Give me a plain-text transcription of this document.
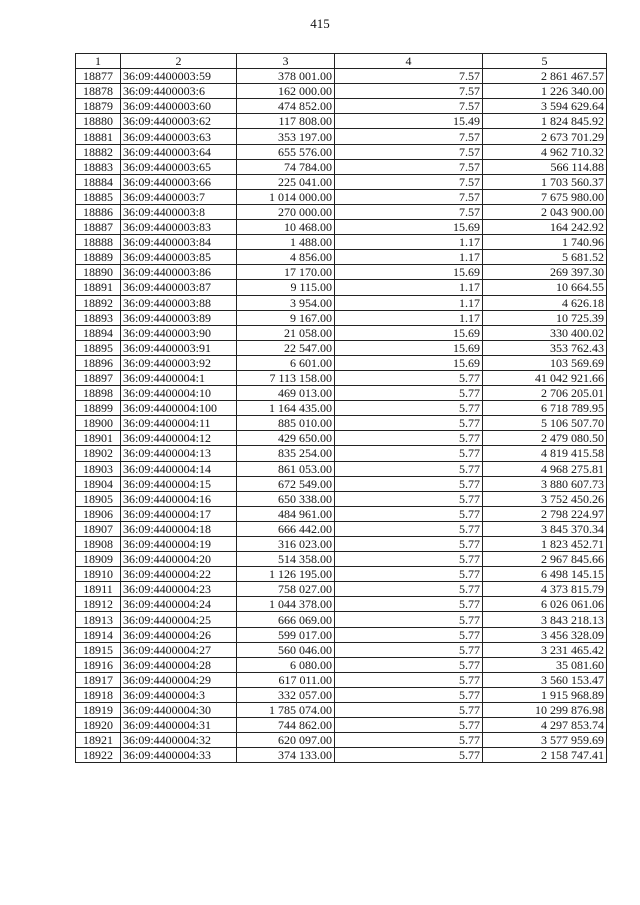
415
1	2	3	4	5
18877	36:09:4400003:59	378 001.00	7.57	2 861 467.57
18878	36:09:4400003:6	162 000.00	7.57	1 226 340.00
18879	36:09:4400003:60	474 852.00	7.57	3 594 629.64
18880	36:09:4400003:62	117 808.00	15.49	1 824 845.92
18881	36:09:4400003:63	353 197.00	7.57	2 673 701.29
18882	36:09:4400003:64	655 576.00	7.57	4 962 710.32
18883	36:09:4400003:65	74 784.00	7.57	566 114.88
18884	36:09:4400003:66	225 041.00	7.57	1 703 560.37
18885	36:09:4400003:7	1 014 000.00	7.57	7 675 980.00
18886	36:09:4400003:8	270 000.00	7.57	2 043 900.00
18887	36:09:4400003:83	10 468.00	15.69	164 242.92
18888	36:09:4400003:84	1 488.00	1.17	1 740.96
18889	36:09:4400003:85	4 856.00	1.17	5 681.52
18890	36:09:4400003:86	17 170.00	15.69	269 397.30
18891	36:09:4400003:87	9 115.00	1.17	10 664.55
18892	36:09:4400003:88	3 954.00	1.17	4 626.18
18893	36:09:4400003:89	9 167.00	1.17	10 725.39
18894	36:09:4400003:90	21 058.00	15.69	330 400.02
18895	36:09:4400003:91	22 547.00	15.69	353 762.43
18896	36:09:4400003:92	6 601.00	15.69	103 569.69
18897	36:09:4400004:1	7 113 158.00	5.77	41 042 921.66
18898	36:09:4400004:10	469 013.00	5.77	2 706 205.01
18899	36:09:4400004:100	1 164 435.00	5.77	6 718 789.95
18900	36:09:4400004:11	885 010.00	5.77	5 106 507.70
18901	36:09:4400004:12	429 650.00	5.77	2 479 080.50
18902	36:09:4400004:13	835 254.00	5.77	4 819 415.58
18903	36:09:4400004:14	861 053.00	5.77	4 968 275.81
18904	36:09:4400004:15	672 549.00	5.77	3 880 607.73
18905	36:09:4400004:16	650 338.00	5.77	3 752 450.26
18906	36:09:4400004:17	484 961.00	5.77	2 798 224.97
18907	36:09:4400004:18	666 442.00	5.77	3 845 370.34
18908	36:09:4400004:19	316 023.00	5.77	1 823 452.71
18909	36:09:4400004:20	514 358.00	5.77	2 967 845.66
18910	36:09:4400004:22	1 126 195.00	5.77	6 498 145.15
18911	36:09:4400004:23	758 027.00	5.77	4 373 815.79
18912	36:09:4400004:24	1 044 378.00	5.77	6 026 061.06
18913	36:09:4400004:25	666 069.00	5.77	3 843 218.13
18914	36:09:4400004:26	599 017.00	5.77	3 456 328.09
18915	36:09:4400004:27	560 046.00	5.77	3 231 465.42
18916	36:09:4400004:28	6 080.00	5.77	35 081.60
18917	36:09:4400004:29	617 011.00	5.77	3 560 153.47
18918	36:09:4400004:3	332 057.00	5.77	1 915 968.89
18919	36:09:4400004:30	1 785 074.00	5.77	10 299 876.98
18920	36:09:4400004:31	744 862.00	5.77	4 297 853.74
18921	36:09:4400004:32	620 097.00	5.77	3 577 959.69
18922	36:09:4400004:33	374 133.00	5.77	2 158 747.41
